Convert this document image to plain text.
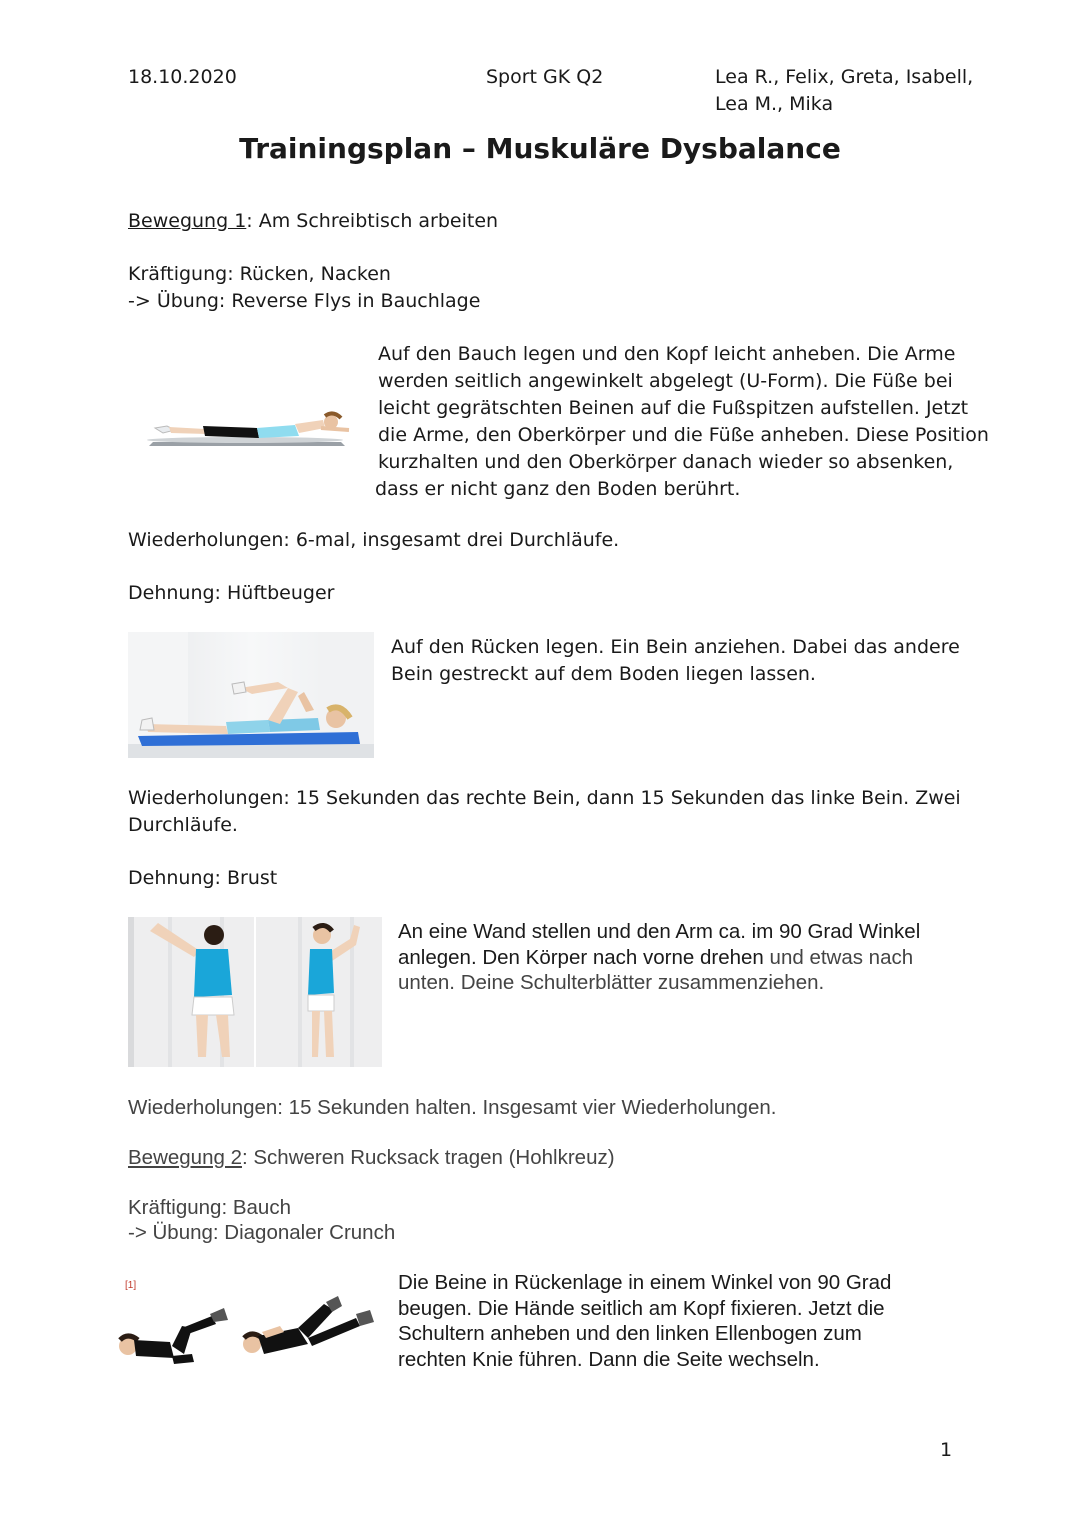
18.10.2020	Sport GK Q2	Lea R., Felix, Greta, Isabell,
Lea M., Mika
Trainingsplan – Muskuläre Dysbalance
Bewegung 1: Am Schreibtisch arbeiten
Kräftigung: Rücken, Nacken
-> Übung: Reverse Flys in Bauchlage

Auf den Bauch legen und den Kopf leicht anheben. Die Arme

werden seitlich angewinkelt abgelegt (U-Form). Die Füße bei

leicht gegrätschten Beinen auf die Fußspitzen aufstellen. Jetzt

die Arme, den Oberkörper und die Füße anheben. Diese Position

kurzhalten und den Oberkörper danach wieder so absenken,

dass er nicht ganz den Boden berührt.

Wiederholungen: 6-mal, insgesamt drei Durchläufe.
Dehnung: Hüftbeuger

Auf den Rücken legen. Ein Bein anziehen. Dabei das andere

Bein gestreckt auf dem Boden liegen lassen.

Wiederholungen: 15 Sekunden das rechte Bein, dann 15 Sekunden das linke Bein. Zwei

Durchläufe.

Dehnung: Brust

An eine Wand stellen und den Arm ca. im 90 Grad Winkel

anlegen. Den Körper nach vorne drehen und etwas nach

unten. Deine Schulterblätter zusammenziehen.

Wiederholungen: 15 Sekunden halten. Insgesamt vier Wiederholungen.
Bewegung 2: Schweren Rucksack tragen (Hohlkreuz)
Kräftigung: Bauch
-> Übung: Diagonaler Crunch
[1]	Die Beine in Rückenlage in einem Winkel von 90 Grad

beugen. Die Hände seitlich am Kopf fixieren. Jetzt die

Schultern anheben und den linken Ellenbogen zum

rechten Knie führen. Dann die Seite wechseln.

1
